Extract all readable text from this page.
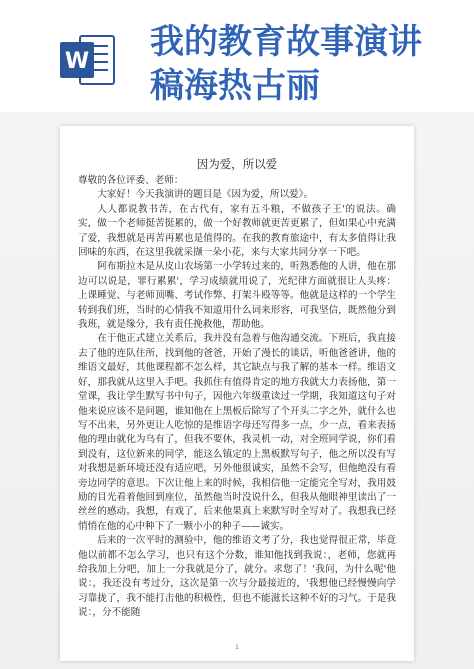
W 我的教育故事演讲
稿海热古丽
因为爱，所以爱

尊敬的各位评委、老师：

大家好！今天我演讲的题目是《因为爱，所以爱》。

人人都说教书苦，在古代有，家有五斗粮，不做孩子王'的说法。确实，做一个老师挺苦挺累的，做一个好教师就更苦更累了，但如果心中充满了爱，我想就是再苦再累也是值得的。在我的教育旅途中，有太多值得让我回味的东西，在这里我就采撷一朵小花，来与大家共同分享一下吧。

阿布斯拉木是从皮山农场第一小学转过来的，听熟悉他的人讲，他在那边可以说是，罪行累累'，学习成绩就用说了，光纪律方面就很让人头疼：上课睡觉、与老师顶嘴、考试作弊、打架斗殴等等。他就是这样的一个学生转到我们班，当时的心情我不知道用什么词来形容，可我坚信，既然他分到我班，就是缘分，我有责任挽救他，帮助他。

在于他正式建立关系后，我并没有急着与他沟通交流。下班后，我直接去了他的连队住所，找到他的爸爸，开始了漫长的谈话，听他爸爸讲，他的维语文最好，其他课程都不怎么样，其它缺点与我了解的基本一样。维语文好，那我就从这里入手吧。我抓住有值得肯定的地方我就大力表扬他，第一堂课，我让学生默写书中句子，因他六年级重读过一学期，我知道这句子对他来说应该不是问题，谁知他在上黑板后除写了个开头二字之外，就什么也写不出来，另外更让人吃惊的是维语字母还写得多一点，少一点，看来表扬他的理由就化为乌有了，但我不要休，我灵机一动，对全班同学说，你们看到没有，这位新来的同学，能这么镇定的上黑板默写句子，他之所以没有写对我想是新环境还没有适应吧，另外他很诚实，虽然不会写，但他绝没有看旁边同学的意思。下次让他上来的时候，我相信他一定能完全写对，我用鼓励的目光看着他回到座位，虽然他当时没说什么，但我从他眼神里读出了一丝丝的感动。我想，有戏了，后来他果真上来默写时全写对了。我想我已经悄悄在他的心中种下了一颗小小的种子——诚实。

后来的一次平时的测验中，他的维语文考了分，我也觉得很正常，毕竟他以前都不怎么学习，也只有这个分数，谁知他找到我说：，老师，您就再给我加上分吧，加上一分我就是分了，就分。求您了！'我问，为什么呢'他说：，我还没有考过分，这次是第一次与分最接近的，'我想他已经慢慢向学习靠拢了，我不能打击他的积极性，但也不能滋长这种不好的习气。于是我说：，分不能随

1
